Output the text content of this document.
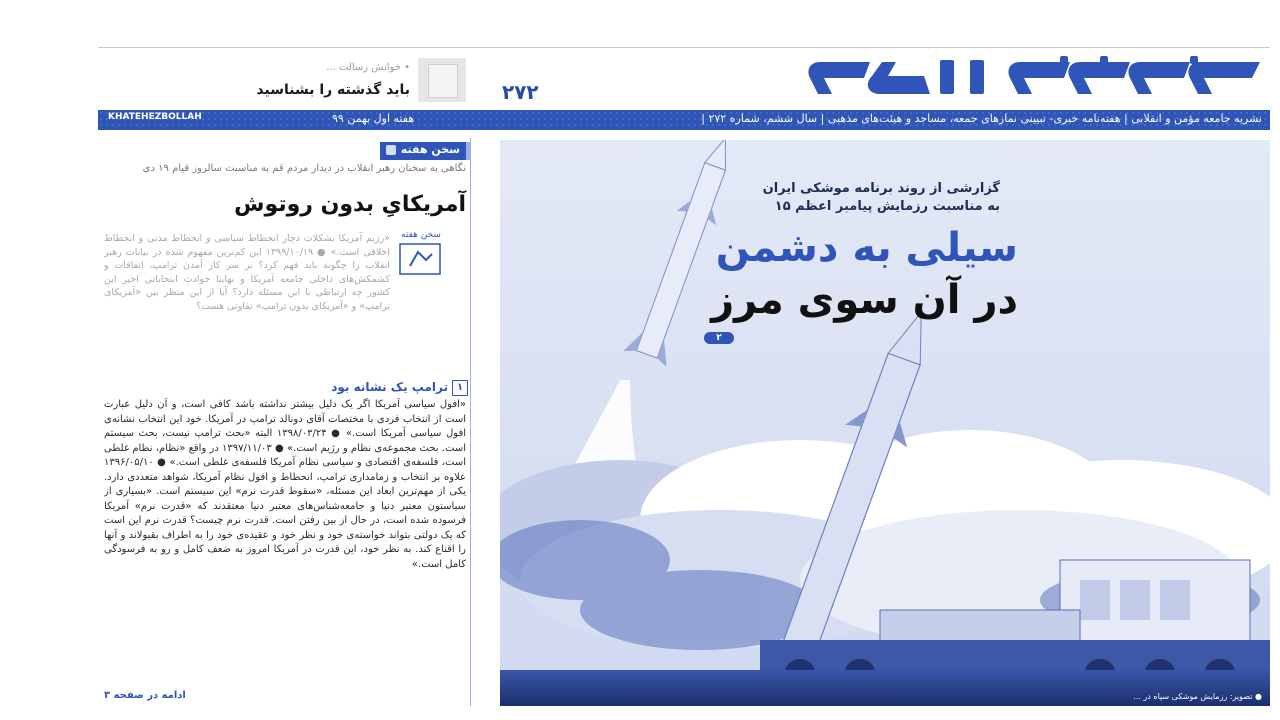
۲۷۲
• خوانش رسالت ...
باید گذشته را بشناسید
نشریه جامعه مؤمن و انقلابی | هفته‌نامه خبری- تبیینی نمازهای جمعه، مساجد و هیئت‌های مذهبی | سال ششم، شماره ۲۷۲ |
هفته اول بهمن ۹۹
KHATEHEZBOLLAH
سخن هفته
نگاهی به سخنان رهبر انقلاب در دیدار مردم قم به مناسبت سالروز قیام ۱۹ دی
آمریکایِ بدون روتوش
سخن هفته
«رژیم آمریکا بشکلات دچار انحطاط سیاسی و انحطاط مدنی و انحطاط اخلاقی است.» ● ۱۳۹۹/۱۰/۱۹ این کم‌ترین مفهوم شده در بیانات رهبر انقلاب را چگونه باید فهم کرد؟ بر سر کار آمدن ترامپ، اتفاقات و کشمکش‌های داخلی جامعه آمریکا و نهایتا حوادث انتخاباتی اخیر این کشور چه ارتباطی با این مسئله دارد؟ آیا از این منظر بین «آمریکای ترامپ» و «آمریکای بدون ترامپ» تفاوتی هست؟
۱
ترامپ یک نشانه بود
«افول سیاسی آمریکا اگر یک دلیل بیشتر نداشته باشد کافی است، و آن دلیل عبارت است از انتخاب فردی با مختصات آقای دونالد ترامپ در آمریکا. خود این انتخاب نشانه‌ی افول سیاسی آمریکا است.» ● ۱۳۹۸/۰۳/۲۴ البته «بحث ترامپ نیست، بحث سیستم است. بحث مجموعه‌ی نظام و رژیم است.» ● ۱۳۹۷/۱۱/۰۳ در واقع «نظام، نظام غلطی است، فلسفه‌ی اقتصادی و سیاسی نظام آمریکا فلسفه‌ی غلطی است.» ● ۱۳۹۶/۰۵/۱۰ علاوه بر انتخاب و زمامداری ترامپ، انحطاط و افول نظام آمریکا، شواهد متعددی دارد. یکی از مهم‌ترین ابعاد این مسئله، «سقوط قدرت نرم» این سیستم است. «بسیاری از سیاستون معتبر دنیا و جامعه‌شناس‌های معتبر دنیا معتقدند که «قدرت نرم» آمریکا فرسوده شده است، در حال از بین رفتن است. قدرت نرم چیست؟ قدرت نرم این است که یک دولتی بتواند خواسته‌ی خود و نظر خود و عقیده‌ی خود را به اطراف بقبولاند و آنها را اقناع کند. به نظر خود، این قدرت در آمریکا امروز به ضعف کامل و رو به فرسودگی کامل است.»
ادامه در صفحه ۳
گزارشی از روند برنامه موشکی ایران
به مناسبت رزمایش پیامبر اعظم ۱۵
سیلی به دشمن
در آن سوی مرز
۲
● تصویر: رزمایش موشکی سپاه در ...
